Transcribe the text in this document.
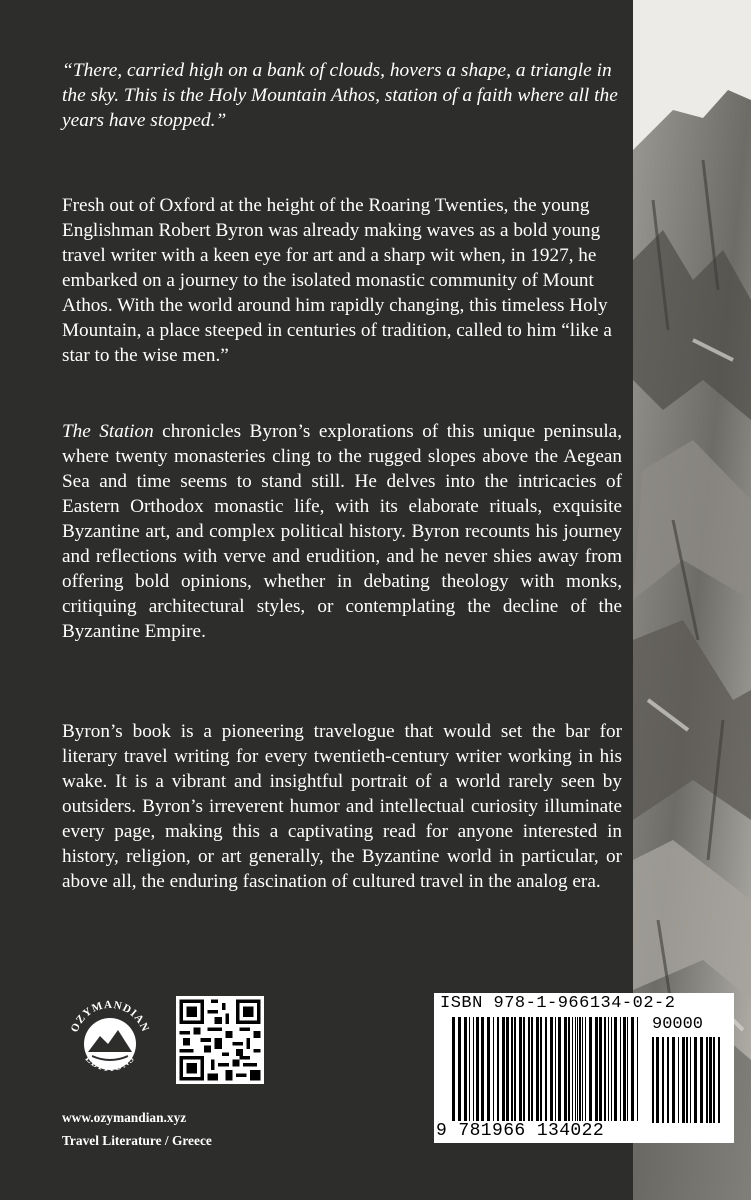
“There, carried high on a bank of clouds, hovers a shape, a triangle in the sky. This is the Holy Mountain Athos, station of a faith where all the years have stopped.”

Fresh out of Oxford at the height of the Roaring Twenties, the young Englishman Robert Byron was already making waves as a bold young travel writer with a keen eye for art and a sharp wit when, in 1927, he embarked on a journey to the isolated monastic community of Mount Athos. With the world around him rapidly changing, this timeless Holy Mountain, a place steeped in centuries of tradition, called to him “like a star to the wise men.”

The Station chronicles Byron’s explorations of this unique peninsula, where twenty monasteries cling to the rugged slopes above the Aegean Sea and time seems to stand still. He delves into the intricacies of Eastern Orthodox monastic life, with its elaborate rituals, exquisite Byzantine art, and complex political history. Byron recounts his journey and reflections with verve and erudition, and he never shies away from offering bold opinions, whether in debating theology with monks, critiquing architectural styles, or contemplating the decline of the Byzantine Empire.

Byron’s book is a pioneering travelogue that would set the bar for literary travel writing for every twentieth-century writer working in his wake. It is a vibrant and insightful portrait of a world rarely seen by outsiders. Byron’s irreverent humor and intellectual curiosity illuminate every page, making this a captivating read for anyone interested in history, religion, or art generally, the Byzantine world in particular, or above all, the enduring fascination of cultured travel in the analog era.

OZYMANDIAN
EDITIONS

www.ozymandian.xyz

Travel Literature / Greece

ISBN 978-1-966134-02-2
90000
9 781966 134022
